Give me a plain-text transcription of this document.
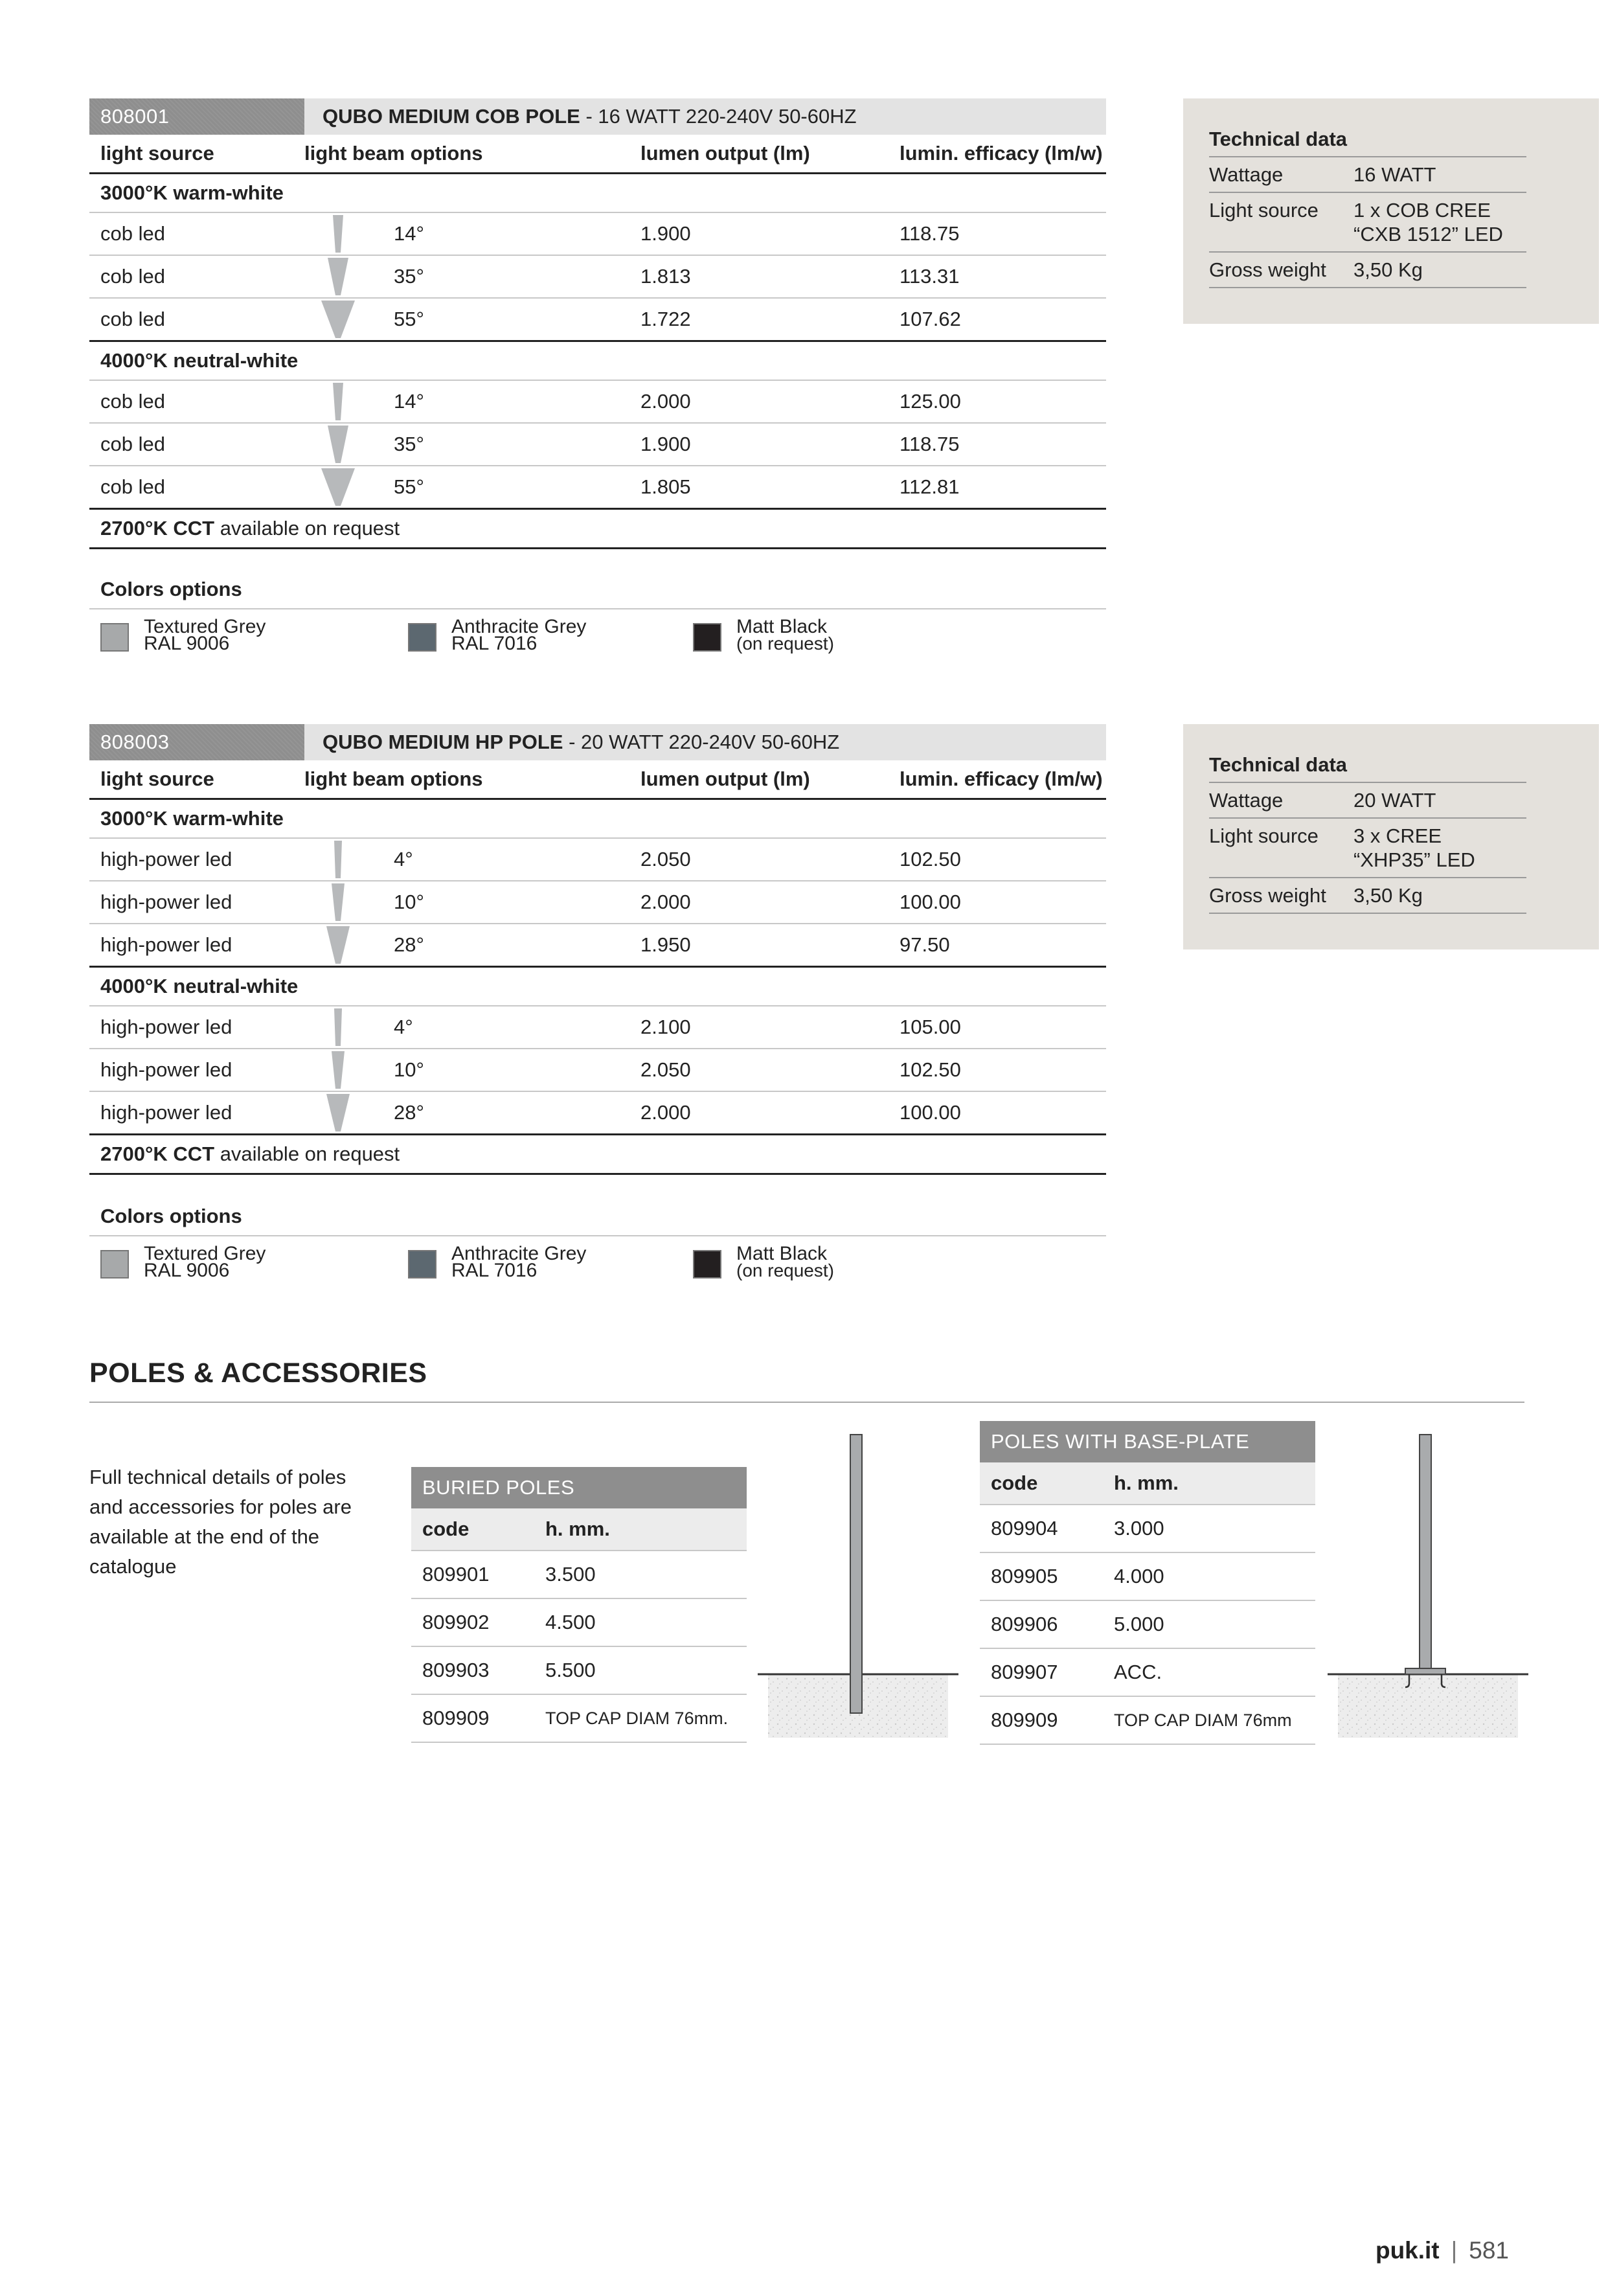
808001	QUBO MEDIUM COB POLE - 16 WATT 220-240V 50-60HZ		
light source	light beam options	lumen output (lm)	lumin. efficacy (lm/w)
3000°K warm-white			
cob led	14°	1.900	118.75
cob led	35°	1.813	113.31
cob led	55°	1.722	107.62
4000°K neutral-white			
cob led	14°	2.000	125.00
cob led	35°	1.900	118.75
cob led	55°	1.805	112.81
2700°K CCT available on request			
Colors options
Textured Grey
RAL 9006
Anthracite Grey
RAL 7016
Matt Black
(on request)
Technical data	
Wattage	16 WATT
Light source	1 x COB CREE
“CXB 1512” LED

Gross weight	3,50 Kg
808003	QUBO MEDIUM HP POLE - 20 WATT 220-240V 50-60HZ		
light source	light beam options	lumen output (lm)	lumin. efficacy (lm/w)
3000°K warm-white			
high-power led	4°	2.050	102.50
high-power led	10°	2.000	100.00
high-power led	28°	1.950	97.50
4000°K neutral-white			
high-power led	4°	2.100	105.00
high-power led	10°	2.050	102.50
high-power led	28°	2.000	100.00
2700°K CCT available on request			
Colors options
Textured Grey
RAL 9006
Anthracite Grey
RAL 7016
Matt Black
(on request)
Technical data	
Wattage	20 WATT
Light source	3 x CREE
“XHP35” LED

Gross weight	3,50 Kg
POLES & ACCESSORIES
Full technical details of poles and accessories for poles are available at the end of the catalogue
BURIED POLES	
code	h. mm.
809901	3.500
809902	4.500
809903	5.500
809909	TOP CAP DIAM 76mm.
POLES WITH BASE-PLATE	
code	h. mm.
809904	3.000
809905	4.000
809906	5.000
809907	ACC.
809909	TOP CAP DIAM 76mm
puk.it | 581
